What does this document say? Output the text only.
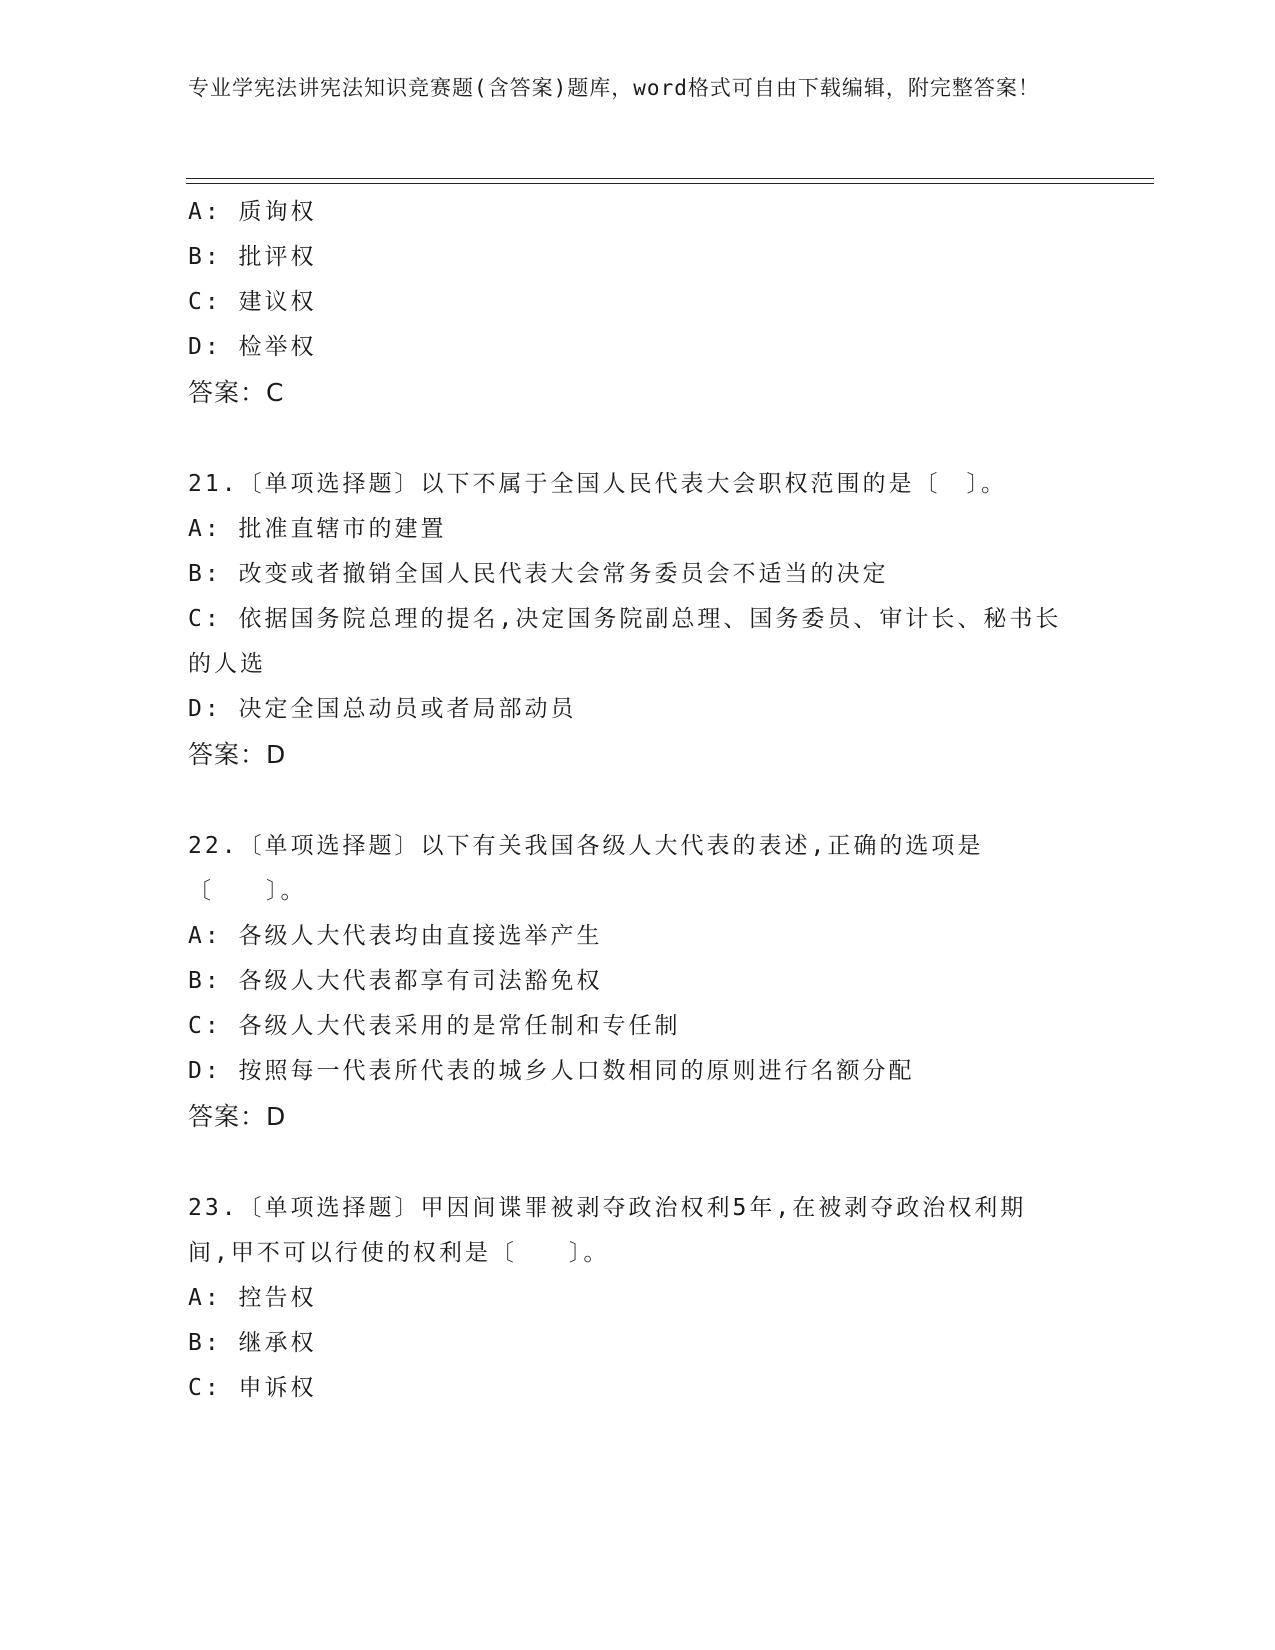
专业学宪法讲宪法知识竞赛题(含答案)题库，word格式可自由下载编辑，附完整答案！
A: 质询权
B: 批评权
C: 建议权
D: 检举权
答案：C
21.〔单项选择题〕以下不属于全国人民代表大会职权范围的是〔　〕。
A: 批准直辖市的建置
B: 改变或者撤销全国人民代表大会常务委员会不适当的决定
C: 依据国务院总理的提名,决定国务院副总理、国务委员、审计长、秘书长的人选
D: 决定全国总动员或者局部动员
答案：D
22.〔单项选择题〕以下有关我国各级人大代表的表述,正确的选项是〔　　〕。
A: 各级人大代表均由直接选举产生
B: 各级人大代表都享有司法豁免权
C: 各级人大代表采用的是常任制和专任制
D: 按照每一代表所代表的城乡人口数相同的原则进行名额分配
答案：D
23.〔单项选择题〕甲因间谍罪被剥夺政治权利5年,在被剥夺政治权利期间,甲不可以行使的权利是〔　　〕。
A: 控告权
B: 继承权
C: 申诉权
